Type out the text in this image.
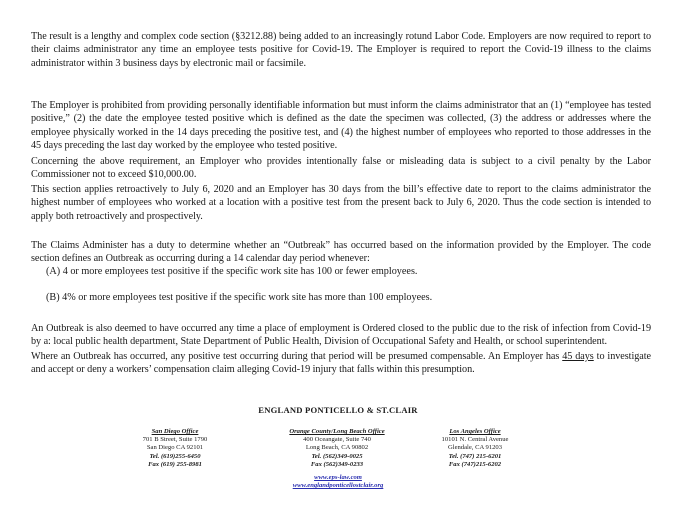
The result is a lengthy and complex code section (§3212.88) being added to an increasingly rotund Labor Code. Employers are now required to report to their claims administrator any time an employee tests positive for Covid-19. The Employer is required to report the Covid-19 illness to the claims administrator within 3 business days by electronic mail or facsimile.

The Employer is prohibited from providing personally identifiable information but must inform the claims administrator that an (1) “employee has tested positive,” (2) the date the employee tested positive which is defined as the date the specimen was collected, (3) the address or addresses where the employee physically worked in the 14 days preceding the positive test, and (4) the highest number of employees who reported to those addresses in the 45 days preceding the last day worked by the employee who tested positive.

Concerning the above requirement, an Employer who provides intentionally false or misleading data is subject to a civil penalty by the Labor Commissioner not to exceed $10,000.00.

This section applies retroactively to July 6, 2020 and an Employer has 30 days from the bill’s effective date to report to the claims administrator the highest number of employees who worked at a location with a positive test from the present back to July 6, 2020. Thus the code section is intended to apply both retroactively and prospectively.

The Claims Administer has a duty to determine whether an “Outbreak” has occurred based on the information provided by the Employer. The code section defines an Outbreak as occurring during a 14 calendar day period whenever:

(A) 4 or more employees test positive if the specific work site has 100 or fewer employees.
(B) 4% or more employees test positive if the specific work site has more than 100 employees.

An Outbreak is also deemed to have occurred any time a place of employment is Ordered closed to the public due to the risk of infection from Covid-19 by a: local public health department, State Department of Public Health, Division of Occupational Safety and Health, or school superintendent.

Where an Outbreak has occurred, any positive test occurring during that period will be presumed compensable. An Employer has 45 days to investigate and accept or deny a workers’ compensation claim alleging Covid-19 injury that falls within this presumption.

ENGLAND PONTICELLO & ST.CLAIR
San Diego Office
701 B Street, Suite 1790
San Diego CA 92101
Tel. (619)255-6450
Fax (619) 255-8981
Orange County/Long Beach Office
400 Oceangate, Suite 740
Long Beach, CA 90802
Tel. (562)349-0025
Fax (562)349-0233
Los Angeles Office
10101 N. Central Avenue
Glendale, CA 91203
Tel. (747) 215-6201
Fax (747)215-6202
www.eps-law.com
www.englandponticellostclair.org
